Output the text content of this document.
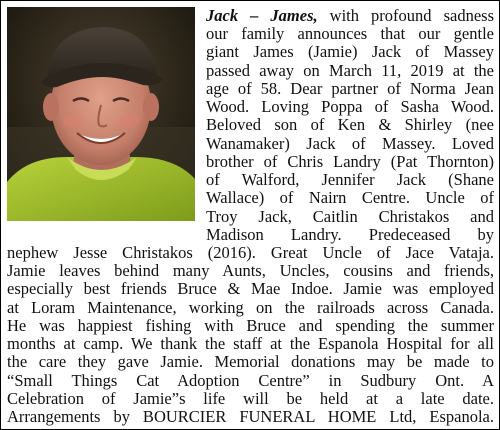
Jack – James, with profound sadness

our family announces that our gentle

giant James (Jamie) Jack of Massey

passed away on March 11, 2019 at the

age of 58. Dear partner of Norma Jean

Wood. Loving Poppa of Sasha Wood.

Beloved son of Ken & Shirley (nee

Wanamaker) Jack of Massey. Loved

brother of Chris Landry (Pat Thornton)

of Walford, Jennifer Jack (Shane

Wallace) of Nairn Centre. Uncle of

Troy Jack, Caitlin Christakos and

Madison Landry. Predeceased by

nephew Jesse Christakos (2016). Great Uncle of Jace Vataja.

Jamie leaves behind many Aunts, Uncles, cousins and friends,

especially best friends Bruce & Mae Indoe. Jamie was employed

at Loram Maintenance, working on the railroads across Canada.

He was happiest fishing with Bruce and spending the summer

months at camp. We thank the staff at the Espanola Hospital for all

the care they gave Jamie. Memorial donations may be made to

“Small Things Cat Adoption Centre” in Sudbury Ont. A

Celebration of Jamie”s life will be held at a late date.

Arrangements by BOURCIER FUNERAL HOME Ltd, Espanola.
